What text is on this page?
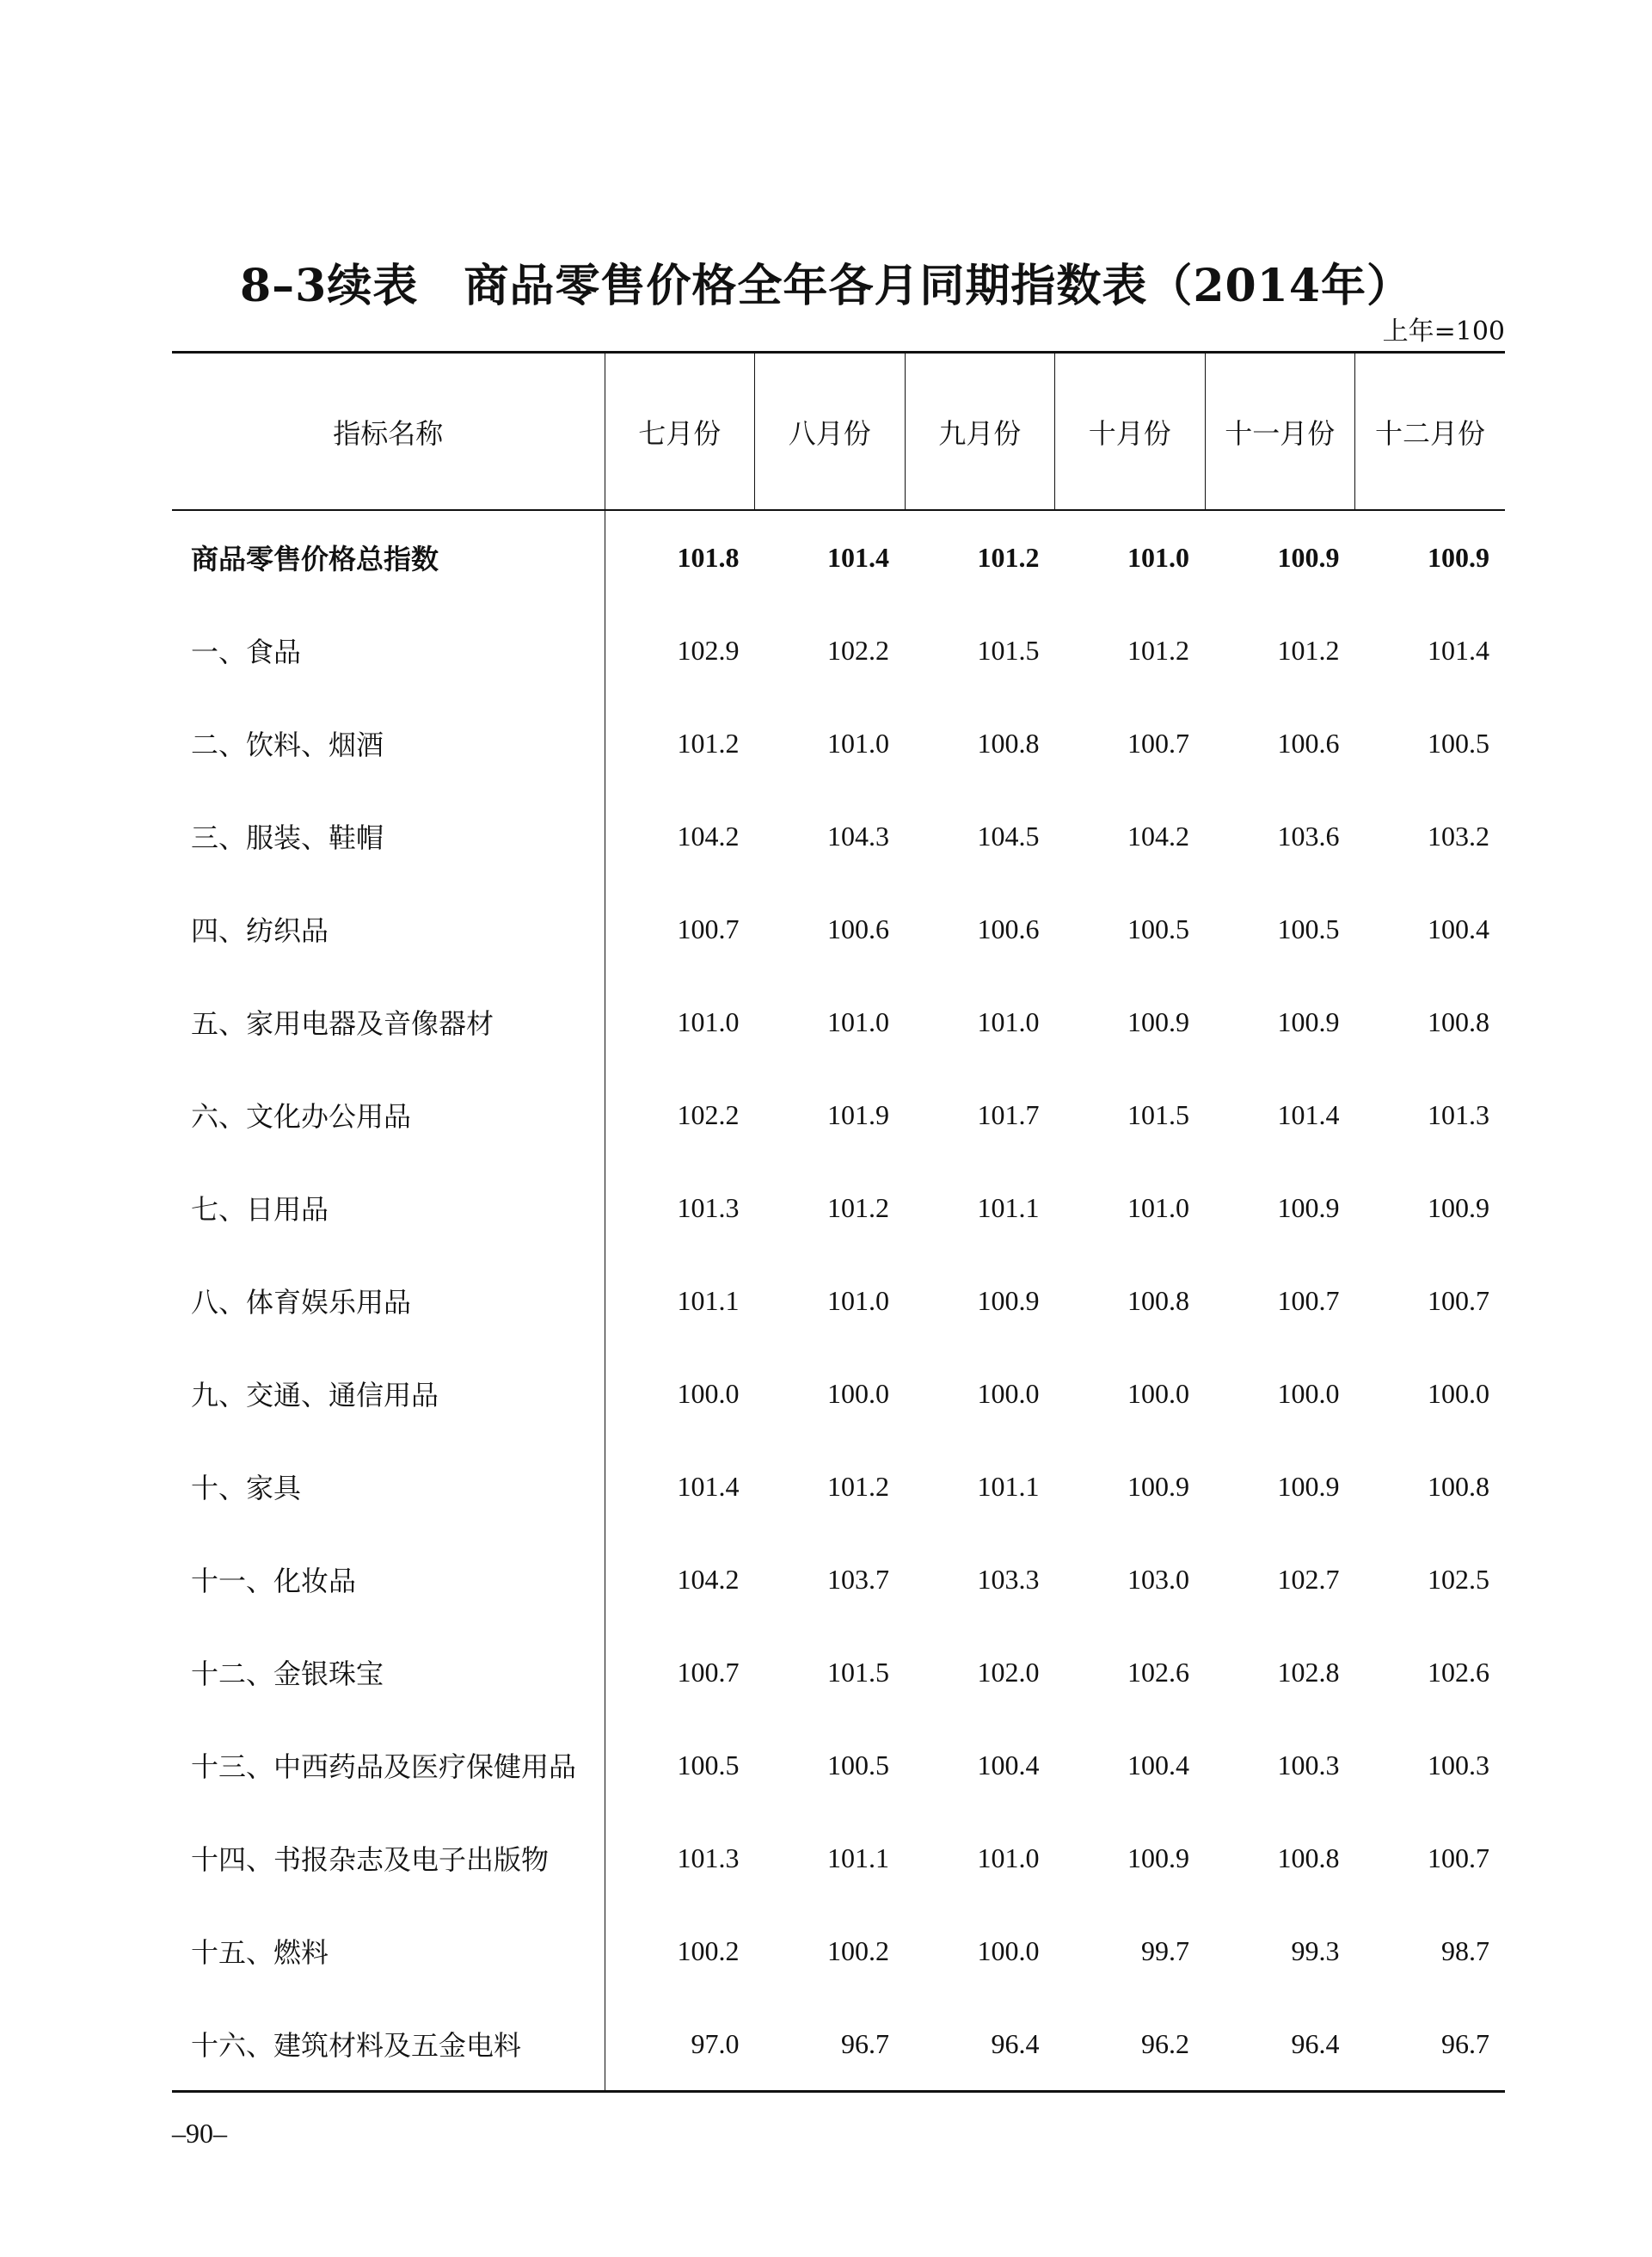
8–3续表　商品零售价格全年各月同期指数表（2014年）
上年=100
指标名称	七月份	八月份	九月份	十月份	十一月份	十二月份
商品零售价格总指数	101.8	101.4	101.2	101.0	100.9	100.9
一、食品	102.9	102.2	101.5	101.2	101.2	101.4
二、饮料、烟酒	101.2	101.0	100.8	100.7	100.6	100.5
三、服装、鞋帽	104.2	104.3	104.5	104.2	103.6	103.2
四、纺织品	100.7	100.6	100.6	100.5	100.5	100.4
五、家用电器及音像器材	101.0	101.0	101.0	100.9	100.9	100.8
六、文化办公用品	102.2	101.9	101.7	101.5	101.4	101.3
七、日用品	101.3	101.2	101.1	101.0	100.9	100.9
八、体育娱乐用品	101.1	101.0	100.9	100.8	100.7	100.7
九、交通、通信用品	100.0	100.0	100.0	100.0	100.0	100.0
十、家具	101.4	101.2	101.1	100.9	100.9	100.8
十一、化妆品	104.2	103.7	103.3	103.0	102.7	102.5
十二、金银珠宝	100.7	101.5	102.0	102.6	102.8	102.6
十三、中西药品及医疗保健用品	100.5	100.5	100.4	100.4	100.3	100.3
十四、书报杂志及电子出版物	101.3	101.1	101.0	100.9	100.8	100.7
十五、燃料	100.2	100.2	100.0	99.7	99.3	98.7
十六、建筑材料及五金电料	97.0	96.7	96.4	96.2	96.4	96.7
–90–
